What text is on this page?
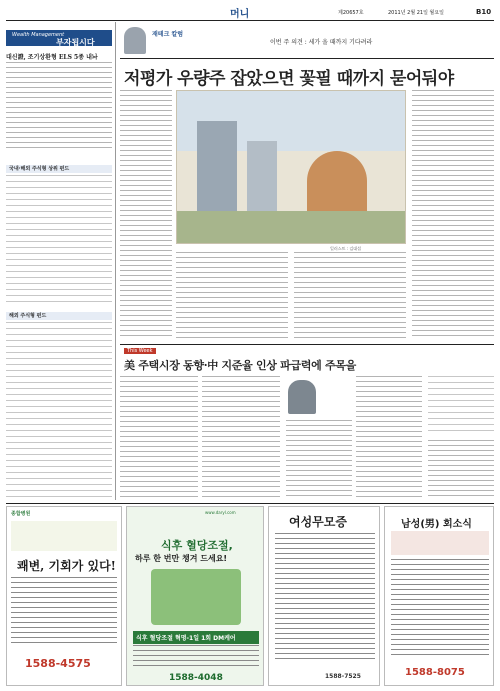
머니	제20657호	2011년 2월 21일 월요일	B10
Wealth Management
부자됩시다
대신證, 조기상환형 ELS 5종 내놔
국내·해외 주식형 상위 펀드
해외 주식형 펀드
재테크 칼럼
이번 주 의견 : 세가 올 때까지 기다려라
저평가 우량주 잡았으면 꽃필 때까지 묻어둬야
일러스트 : 김대섭
This Week
美 주택시장 동향·中 지준율 인상 파급력에 주목을
종합병원
쾌변, 기회가 있다!
1588-4575
www.daryl.com
식후 혈당조절,
하루 한 번만 챙겨 드세요!
식후 혈당조절 혁명-1일 1회 DM케어
1588-4048
여성무모증
1588-7525
남성(男) 회소식
1588-8075
